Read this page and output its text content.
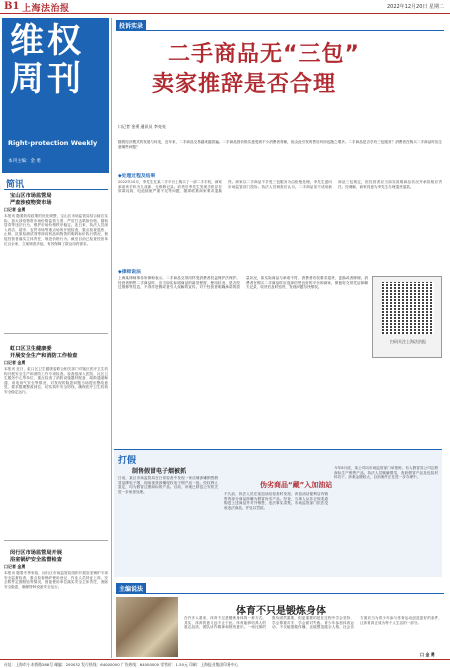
B1 上海法治报	2022年12月20日 星期二
维权
周刊
Right-protection Weekly
本刊主编：金 勇
简讯
宝山区市场监管局
严查涉疫物资市场
口记者 金勇
本报讯 随着防疫政策的优化调整，宝山区市场监管局结合辖区实际，加大涉疫物资市场价格监管力度，严厉打击哄抬价格、囤积居奇等违法行为，维护市场价格秩序稳定。连日来，执法人员深入药店、超市、农贸市场等重点场所开展检查，重点检查退热、止咳、抗原检测试剂等涉疫药品和物资的明码标价执行情况，督促经营者落实主体责任，规范价格行为。截至目前已检查经营单位百余家，立案调查多起，有效保障了群众用药需求。
虹口区卫生健康委
开展安全生产和消防工作检查
口记者 金勇
本报讯 近日，虹口区卫生健康委联合相关部门对辖区医疗卫生机构开展安全生产和消防工作专项检查。检查组深入医院、社区卫生服务中心等单位，重点检查了消防设施器材配备、疏散通道畅通、用电用气安全等情况，对发现的隐患问题当场提出整改意见，要求限期整改到位，切实筑牢安全防线，确保医疗卫生机构安全稳定运行。
闵行区市场监管局开展
浴室锅炉安全监督检查
口记者 金勇
本报讯 随着冬季来临，闵行区市场监管局组织开展浴室锅炉专项安全监督检查，重点检查锅炉使用登记、作业人员持证上岗、安全附件定期校验等情况，督促使用单位落实安全主体责任，消除安全隐患，确保特种设备安全运行。
投诉实录
二手商品无“三包”
卖家推辞是否合理
口记者 金勇 通讯员 李亮亮
随着经济模式的发展与转变，近年来，二手商品交易越来越普遍。二手商品因价格实惠受到不少消费者青睐，但由此引发的售后纠纷也随之增多。二手商品是否享有三包服务？消费者在购买二手商品时应注意哪些问题？
◆处理过程及结果
2022年10月，李先生在某二手平台上购买了一部二手手机，商家承诺该手机为九成新、无维修记录。收货后李先生发现手机存在屏幕闪烁、电池续航严重不足等问题，随即联系商家要求退换货。商家以二手商品不享受三包服务为由拒绝处理。李先生遂向市场监管部门投诉。执法人员调查后认为，二手商品虽不适用新商品三包规定，但经营者应当如实说明商品状况并承担相应责任。经调解，商家同意为李先生办理退货退款。
◆律师说法
上海某律师事务所律师表示，二手商品交易同样受消费者权益保护法保护。经营者销售二手商品时，应当如实标明商品的新旧程度、使用状况、是否经过维修等信息，不得作虚假或者引人误解的宣传。对于经营者明确承诺的质量状况，如实际商品与承诺不符，消费者有权要求退货、更换或者修理。消费者在购买二手商品时应选择信誉良好的平台和商家，保留好交易凭证和聊天记录，收货后及时验货，发现问题尽快维权。
扫码关注上海法治报
打假
制售假冒电子烟被抓
日前，某区市场监管局在日常检查中发现一家店铺涉嫌销售假冒品牌电子烟，现场查获涉嫌侵权电子烟产品一批。经权利人鉴定，均为假冒注册商标的产品。目前，该案已移送公安机关进一步侦查处理。
伪劣商品“藏”入加油站
不久前，执法人员在某加油站检查时发现，该加油站便利店内销售的部分商品涉嫌为假冒伪劣产品。经查，当事人从非正规渠道购进上述商品并对外销售，违法事实清楚。市场监管部门依法没收违法商品，并处以罚款。
今年8月底，某公司向市场监管部门举报称，有人假冒其公司注册商标生产销售产品。执法人员顺藤摸瓜，查获假冒产品及包装材料若干，涉案金额较大，目前案件正在进一步办理中。
主编说法
体育不只是锻炼身体
在许多人看来，体育不过是锻炼身体的一种方式。其实，体育的意义远不止于此。体育能够培养人的意志品质、团队协作精神和规则意识。一场比赛的胜负固然重要，但更重要的是在过程中学会坚持、学会尊重对手、学会面对失败。青少年参加体育运动，不仅能强健体魄，还能塑造健全人格。社会各方面应当为青少年参与体育运动创造更好的条件，让体育真正成为每个人生活的一部分。
口 金 勇
社址：上海市小木桥路268号 邮编：200032 发行热线：64000000 广告热线：64000000 零售价：1.50元 印刷：上海报业集团印务中心
